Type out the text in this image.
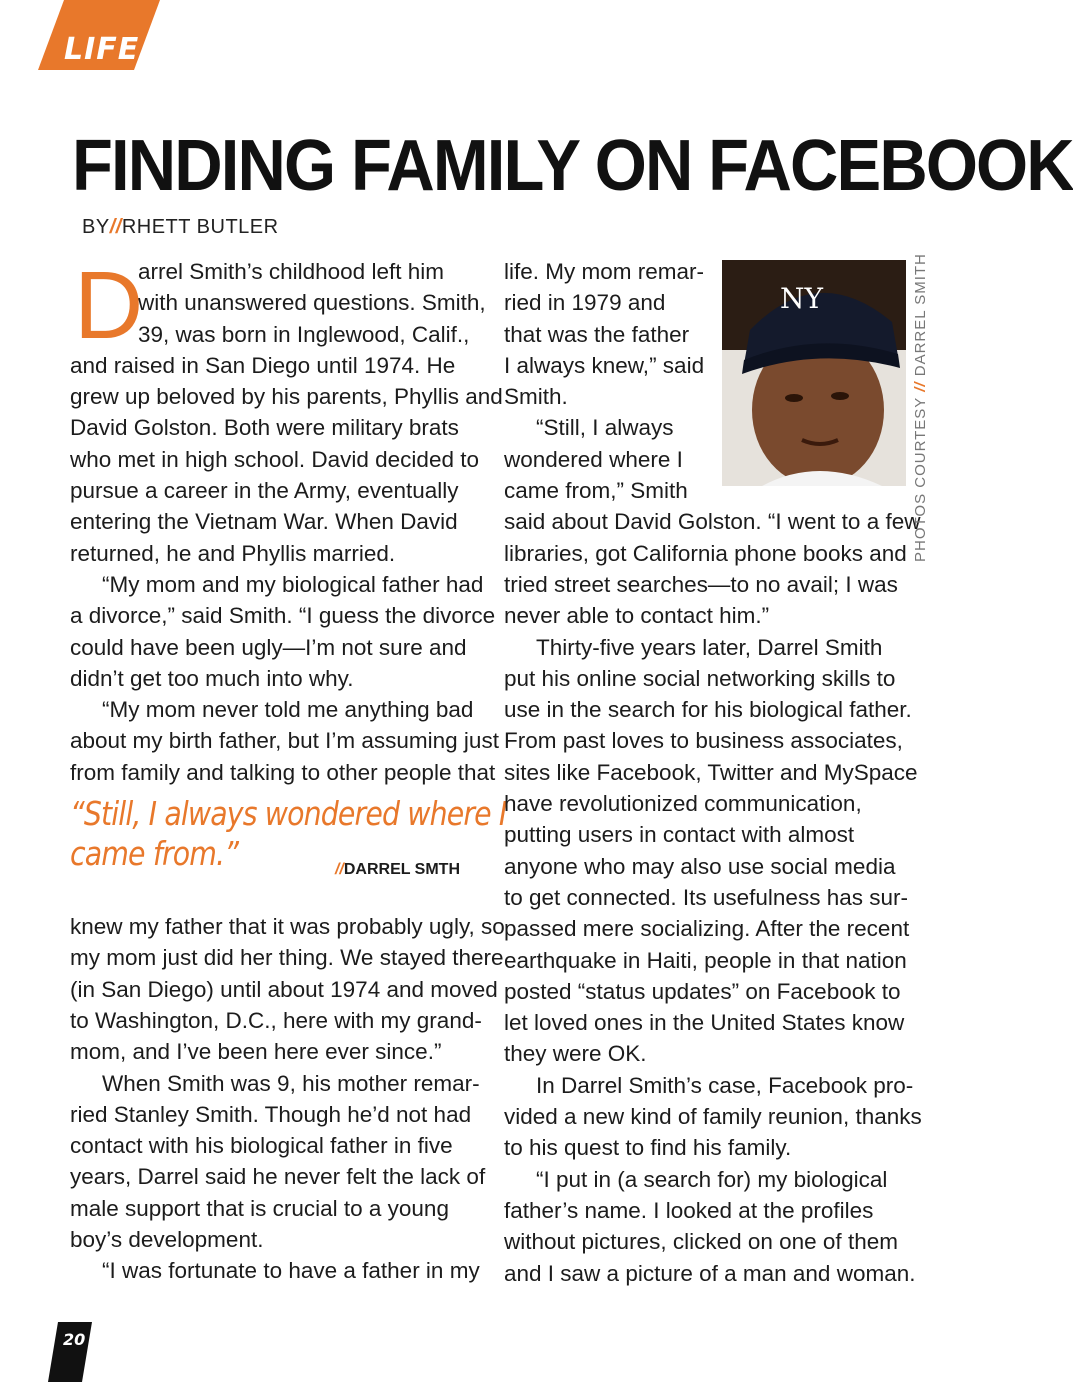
LIFE
FINDING FAMILY ON FACEBOOK
BY//RHETT BUTLER
D

arrel Smith’s childhood left him
with unanswered questions. Smith,
39, was born in Inglewood, Calif.,
and raised in San Diego until 1974. He
grew up beloved by his parents, Phyllis and
David Golston. Both were military brats
who met in high school. David decided to
pursue a career in the Army, eventually
entering the Vietnam War. When David
returned, he and Phyllis married.

“My mom and my biological father had
a divorce,” said Smith. “I guess the divorce
could have been ugly—I’m not sure and
didn’t get too much into why.

“My mom never told me anything bad
about my birth father, but I’m assuming just
from family and talking to other people that

“Still, I always wondered where I
came from.”	//DARREL SMTH

knew my father that it was probably ugly, so
my mom just did her thing. We stayed there
(in San Diego) until about 1974 and moved
to Washington, D.C., here with my grand-
mom, and I’ve been here ever since.”

When Smith was 9, his mother remar-
ried Stanley Smith. Though he’d not had
contact with his biological father in five
years, Darrel said he never felt the lack of
male support that is crucial to a young
boy’s development.

“I was fortunate to have a father in my

life. My mom remar-
ried in 1979 and
that was the father
I always knew,” said
Smith.

“Still, I always
wondered where I
came from,” Smith
said about David Golston. “I went to a few
libraries, got California phone books and
tried street searches—to no avail; I was
never able to contact him.”

Thirty-five years later, Darrel Smith
put his online social networking skills to
use in the search for his biological father.
From past loves to business associates,
sites like Facebook, Twitter and MySpace
have revolutionized communication,
putting users in contact with almost
anyone who may also use social media
to get connected. Its usefulness has sur-
passed mere socializing. After the recent
earthquake in Haiti, people in that nation
posted “status updates” on Facebook to
let loved ones in the United States know
they were OK.

In Darrel Smith’s case, Facebook pro-
vided a new kind of family reunion, thanks
to his quest to find his family.

“I put in (a search for) my biological
father’s name. I looked at the profiles
without pictures, clicked on one of them
and I saw a picture of a man and woman.

NY
PHOTOS COURTESY // DARREL SMITH
20
